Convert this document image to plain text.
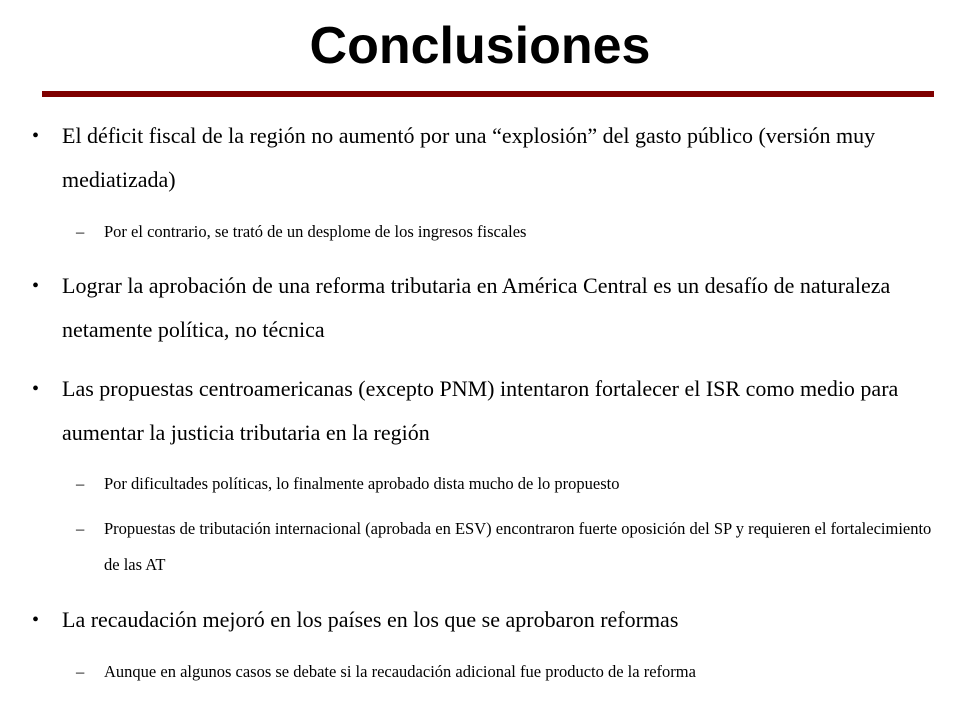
Conclusiones
• El déficit fiscal de la región no aumentó por una “explosión” del gasto público (versión muy mediatizada)
– Por el contrario, se trató de un desplome de los ingresos fiscales
• Lograr la aprobación de una reforma tributaria en América Central es un desafío de naturaleza netamente política, no técnica
• Las propuestas centroamericanas (excepto PNM) intentaron fortalecer el ISR como medio para aumentar la justicia tributaria en la región
– Por dificultades políticas, lo finalmente aprobado dista mucho de lo propuesto
– Propuestas de tributación internacional (aprobada en ESV) encontraron fuerte oposición del SP y requieren el fortalecimiento de las AT
• La recaudación mejoró en los países en los que se aprobaron reformas
– Aunque en algunos casos se debate si la recaudación adicional fue producto de la reforma
